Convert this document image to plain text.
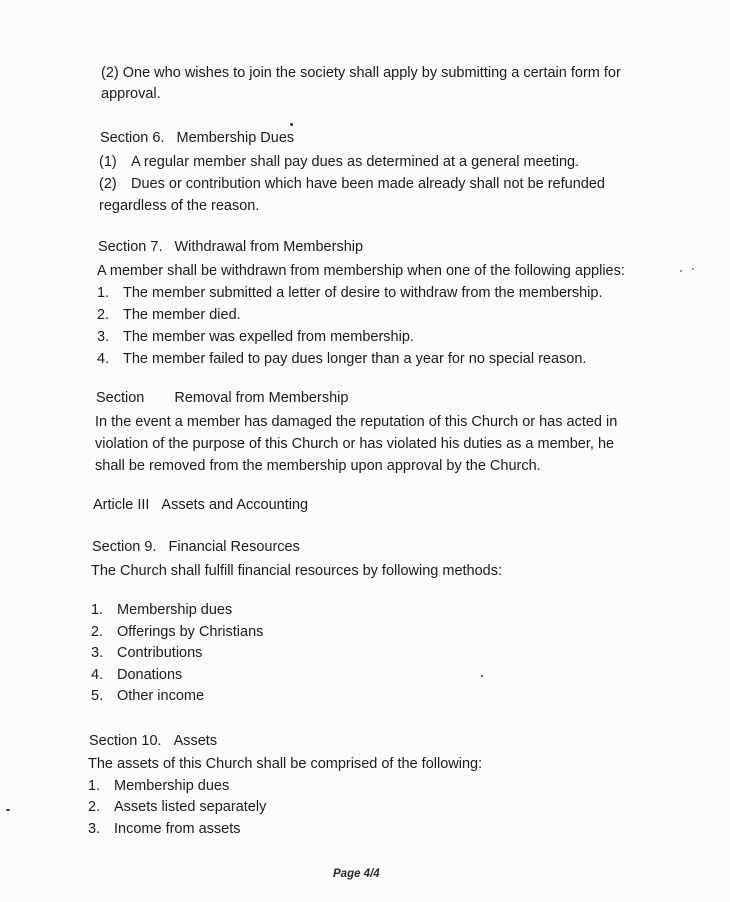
(2) One who wishes to join the society shall apply by submitting a certain form for
approval.
Section 6. Membership Dues
(1) A regular member shall pay dues as determined at a general meeting.
(2) Dues or contribution which have been made already shall not be refunded
regardless of the reason.
Section 7. Withdrawal from Membership
A member shall be withdrawn from membership when one of the following applies:
1. The member submitted a letter of desire to withdraw from the membership.
2. The member died.
3. The member was expelled from membership.
4. The member failed to pay dues longer than a year for no special reason.
Section Removal from Membership
In the event a member has damaged the reputation of this Church or has acted in
violation of the purpose of this Church or has violated his duties as a member, he
shall be removed from the membership upon approval by the Church.
Article III Assets and Accounting
Section 9. Financial Resources
The Church shall fulfill financial resources by following methods:
1. Membership dues
2. Offerings by Christians
3. Contributions
4. Donations
5. Other income
Section 10. Assets
The assets of this Church shall be comprised of the following:
1. Membership dues
2. Assets listed separately
3. Income from assets
Page 4/4
